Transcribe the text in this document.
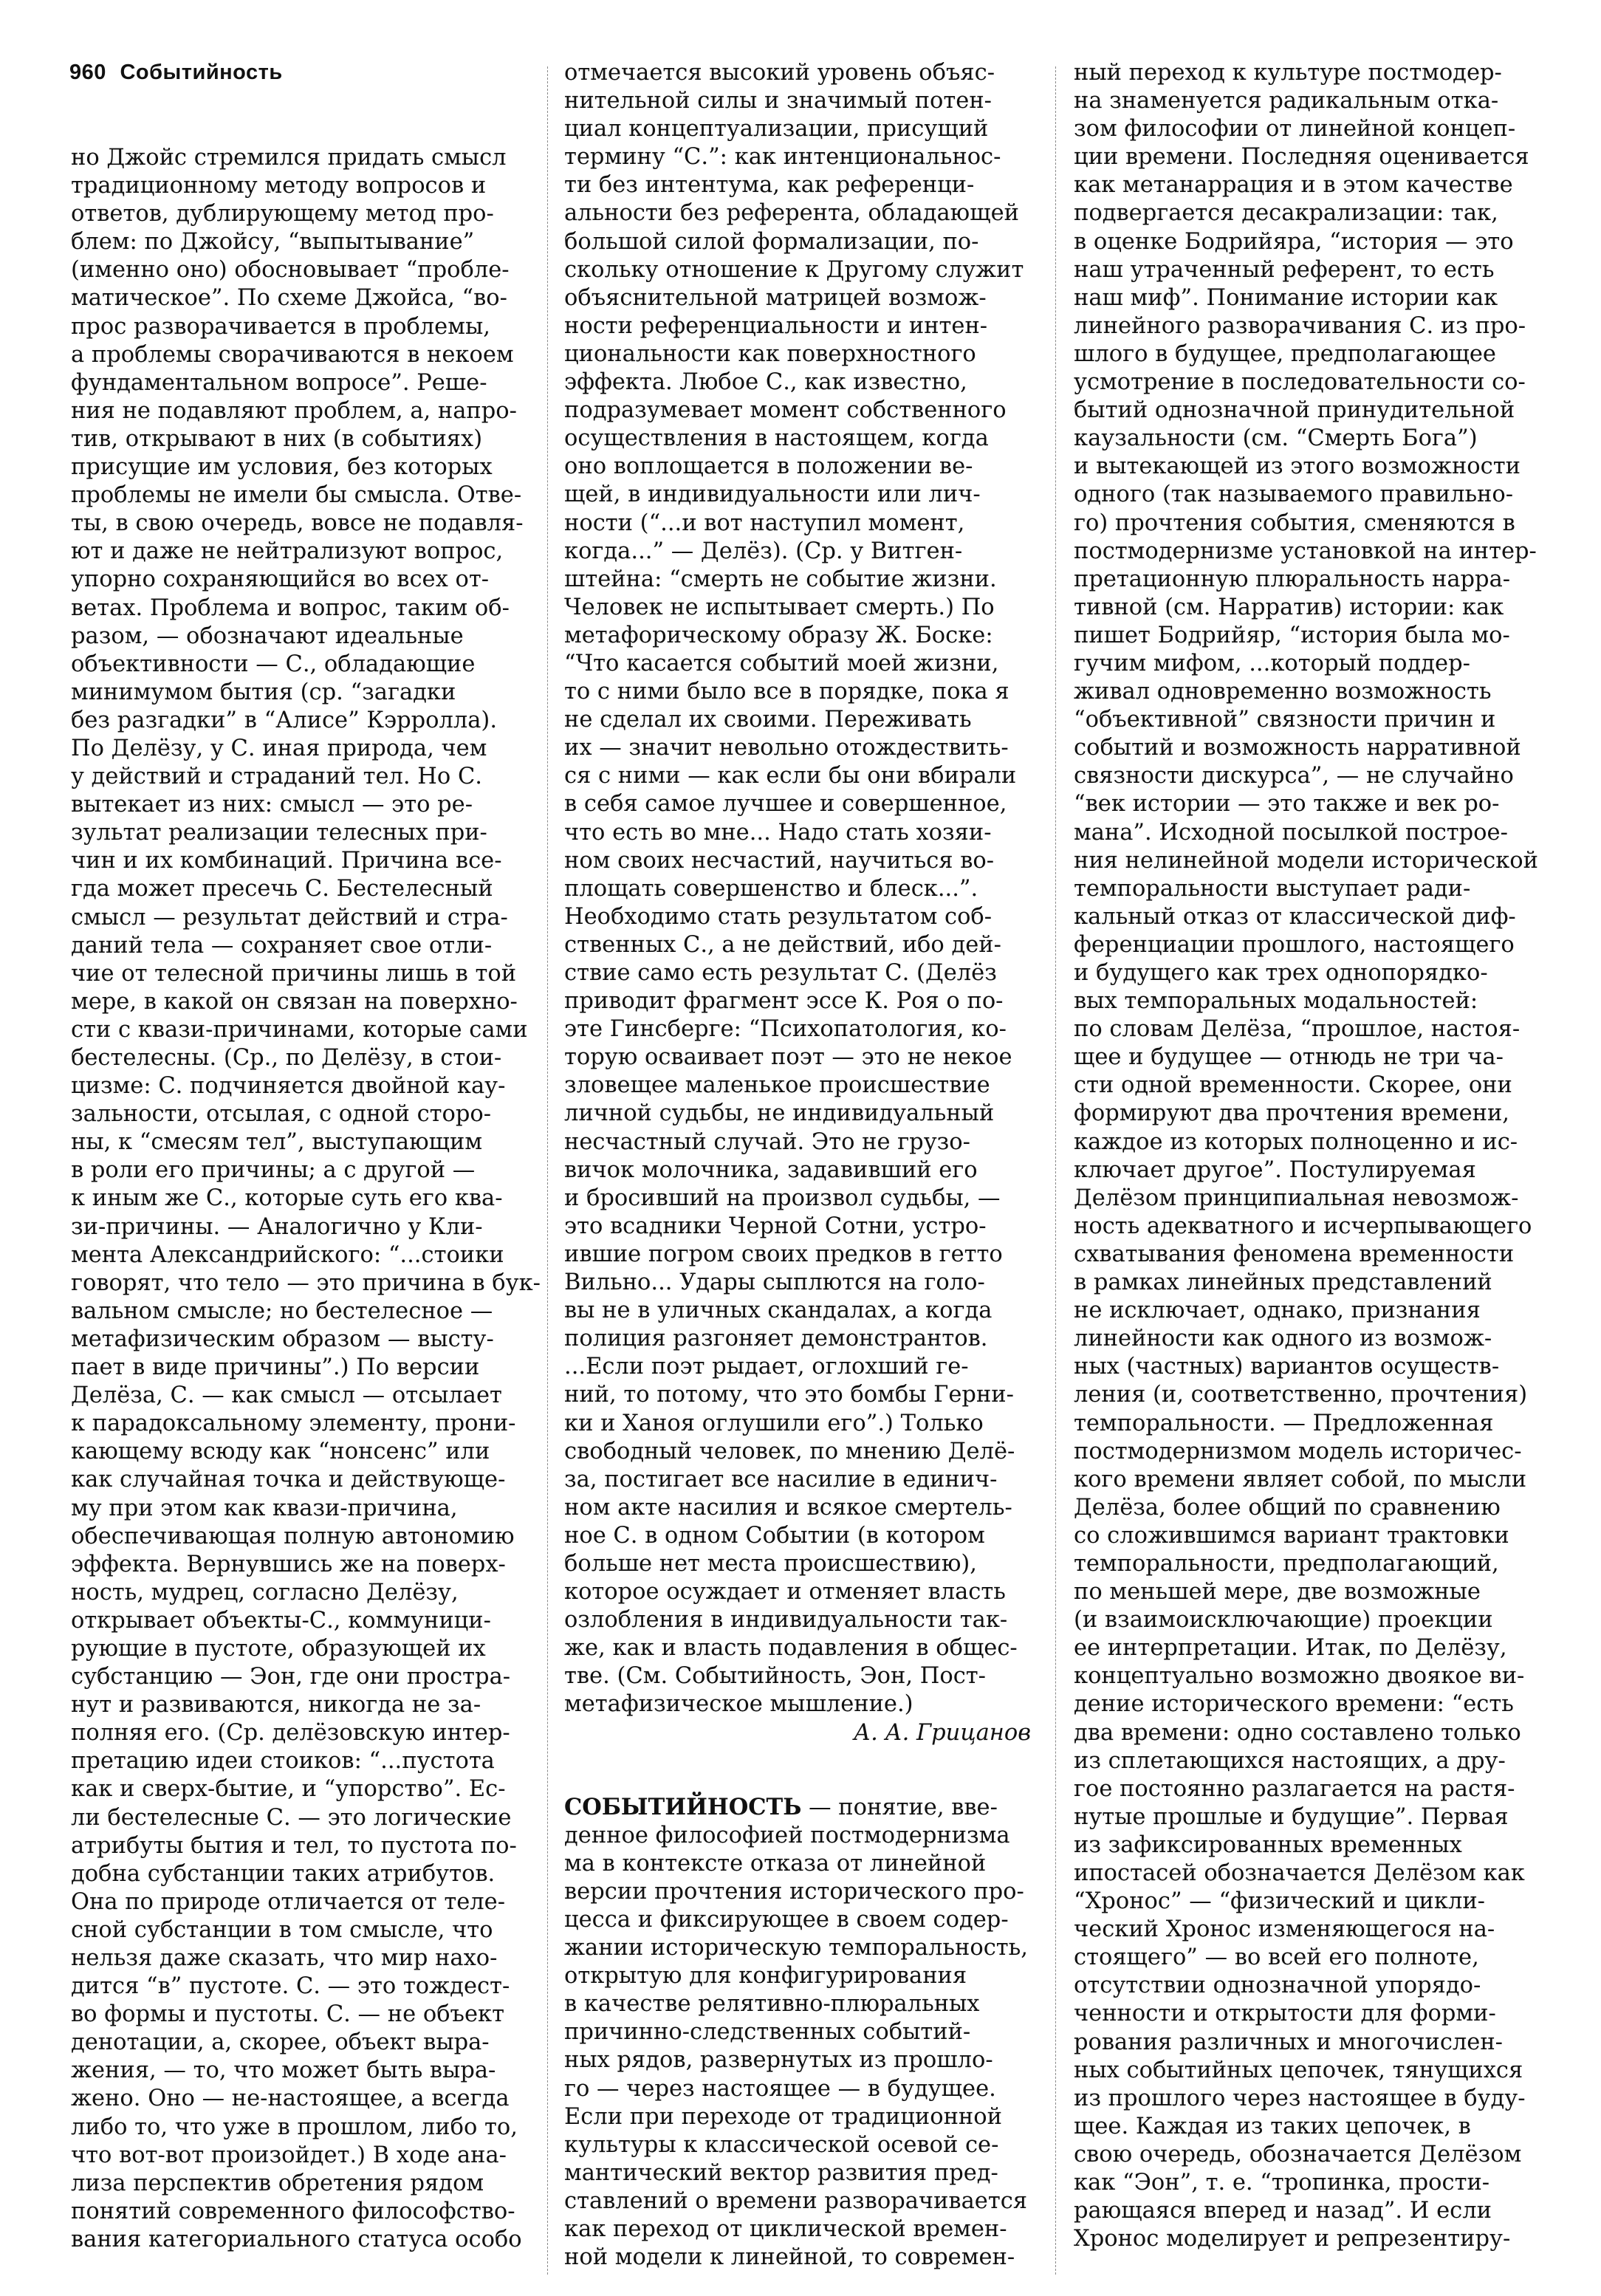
960 Событийность

но Джойс стремился придать смысл

традиционному методу вопросов и

ответов, дублирующему метод про-

блем: по Джойсу, “выпытывание”

(именно оно) обосновывает “пробле-

матическое”. По схеме Джойса, “во-

прос разворачивается в проблемы,

а проблемы сворачиваются в некоем

фундаментальном вопросе”. Реше-

ния не подавляют проблем, а, напро-

тив, открывают в них (в событиях)

присущие им условия, без которых

проблемы не имели бы смысла. Отве-

ты, в свою очередь, вовсе не подавля-

ют и даже не нейтрализуют вопрос,

упорно сохраняющийся во всех от-

ветах. Проблема и вопрос, таким об-

разом, — обозначают идеальные

объективности — С., обладающие

минимумом бытия (ср. “загадки

без разгадки” в “Алисе” Кэрролла).

По Делёзу, у С. иная природа, чем

у действий и страданий тел. Но С.

вытекает из них: смысл — это ре-

зультат реализации телесных при-

чин и их комбинаций. Причина все-

гда может пресечь С. Бестелесный

смысл — результат действий и стра-

даний тела — сохраняет свое отли-

чие от телесной причины лишь в той

мере, в какой он связан на поверхно-

сти с квази-причинами, которые сами

бестелесны. (Ср., по Делёзу, в стои-

цизме: С. подчиняется двойной кау-

зальности, отсылая, с одной сторо-

ны, к “смесям тел”, выступающим

в роли его причины; а с другой —

к иным же С., которые суть его ква-

зи-причины. — Аналогично у Кли-

мента Александрийского: “...стоики

говорят, что тело — это причина в бук-

вальном смысле; но бестелесное —

метафизическим образом — высту-

пает в виде причины”.) По версии

Делёза, С. — как смысл — отсылает

к парадоксальному элементу, прони-

кающему всюду как “нонсенс” или

как случайная точка и действующе-

му при этом как квази-причина,

обеспечивающая полную автономию

эффекта. Вернувшись же на поверх-

ность, мудрец, согласно Делёзу,

открывает объекты-С., коммуници-

рующие в пустоте, образующей их

субстанцию — Эон, где они простра-

нут и развиваются, никогда не за-

полняя его. (Ср. делёзовскую интер-

претацию идеи стоиков: “...пустота

как и сверх-бытие, и “упорство”. Ес-

ли бестелесные С. — это логические

атрибуты бытия и тел, то пустота по-

добна субстанции таких атрибутов.

Она по природе отличается от теле-

сной субстанции в том смысле, что

нельзя даже сказать, что мир нахо-

дится “в” пустоте. С. — это тождест-

во формы и пустоты. С. — не объект

денотации, а, скорее, объект выра-

жения, — то, что может быть выра-

жено. Оно — не-настоящее, а всегда

либо то, что уже в прошлом, либо то,

что вот-вот произойдет.) В ходе ана-

лиза перспектив обретения рядом

понятий современного философство-

вания категориального статуса особо

отмечается высокий уровень объяс-

нительной силы и значимый потен-

циал концептуализации, присущий

термину “С.”: как интенциональнос-

ти без интентума, как референци-

альности без референта, обладающей

большой силой формализации, по-

скольку отношение к Другому служит

объяснительной матрицей возмож-

ности референциальности и интен-

циональности как поверхностного

эффекта. Любое С., как известно,

подразумевает момент собственного

осуществления в настоящем, когда

оно воплощается в положении ве-

щей, в индивидуальности или лич-

ности (“...и вот наступил момент,

когда...” — Делёз). (Ср. у Витген-

штейна: “смерть не событие жизни.

Человек не испытывает смерть.) По

метафорическому образу Ж. Боске:

“Что касается событий моей жизни,

то с ними было все в порядке, пока я

не сделал их своими. Переживать

их — значит невольно отождествить-

ся с ними — как если бы они вбирали

в себя самое лучшее и совершенное,

что есть во мне... Надо стать хозяи-

ном своих несчастий, научиться во-

площать совершенство и блеск...”.

Необходимо стать результатом соб-

ственных С., а не действий, ибо дей-

ствие само есть результат С. (Делёз

приводит фрагмент эссе К. Роя о по-

эте Гинсберге: “Психопатология, ко-

торую осваивает поэт — это не некое

зловещее маленькое происшествие

личной судьбы, не индивидуальный

несчастный случай. Это не грузо-

вичок молочника, задавивший его

и бросивший на произвол судьбы, —

это всадники Черной Сотни, устро-

ившие погром своих предков в гетто

Вильно... Удары сыплются на голо-

вы не в уличных скандалах, а когда

полиция разгоняет демонстрантов.

...Если поэт рыдает, оглохший ге-

ний, то потому, что это бомбы Герни-

ки и Ханоя оглушили его”.) Только

свободный человек, по мнению Делё-

за, постигает все насилие в единич-

ном акте насилия и всякое смертель-

ное С. в одном Событии (в котором

больше нет места происшествию),

которое осуждает и отменяет власть

озлобления в индивидуальности так-

же, как и власть подавления в общес-

тве. (См. Событийность, Эон, Пост-

метафизическое мышление.)

А. А. Грицанов

СОБЫТИЙНОСТЬ — понятие, вве-

денное философией постмодернизма

ма в контексте отказа от линейной

версии прочтения исторического про-

цесса и фиксирующее в своем содер-

жании историческую темпоральность,

открытую для конфигурирования

в качестве релятивно-плюральных

причинно-следственных событий-

ных рядов, развернутых из прошло-

го — через настоящее — в будущее.

Если при переходе от традиционной

культуры к классической осевой се-

мантический вектор развития пред-

ставлений о времени разворачивается

как переход от циклической времен-

ной модели к линейной, то современ-

ный переход к культуре постмодер-

на знаменуется радикальным отка-

зом философии от линейной концеп-

ции времени. Последняя оценивается

как метанаррация и в этом качестве

подвергается десакрализации: так,

в оценке Бодрийяра, “история — это

наш утраченный референт, то есть

наш миф”. Понимание истории как

линейного разворачивания С. из про-

шлого в будущее, предполагающее

усмотрение в последовательности со-

бытий однозначной принудительной

каузальности (см. “Смерть Бога”)

и вытекающей из этого возможности

одного (так называемого правильно-

го) прочтения события, сменяются в

постмодернизме установкой на интер-

претационную плюральность нарра-

тивной (см. Нарратив) истории: как

пишет Бодрийяр, “история была мо-

гучим мифом, ...который поддер-

живал одновременно возможность

“объективной” связности причин и

событий и возможность нарративной

связности дискурса”, — не случайно

“век истории — это также и век ро-

мана”. Исходной посылкой построе-

ния нелинейной модели исторической

темпоральности выступает ради-

кальный отказ от классической диф-

ференциации прошлого, настоящего

и будущего как трех однопорядко-

вых темпоральных модальностей:

по словам Делёза, “прошлое, настоя-

щее и будущее — отнюдь не три ча-

сти одной временности. Скорее, они

формируют два прочтения времени,

каждое из которых полноценно и ис-

ключает другое”. Постулируемая

Делёзом принципиальная невозмож-

ность адекватного и исчерпывающего

схватывания феномена временности

в рамках линейных представлений

не исключает, однако, признания

линейности как одного из возмож-

ных (частных) вариантов осуществ-

ления (и, соответственно, прочтения)

темпоральности. — Предложенная

постмодернизмом модель историчес-

кого времени являет собой, по мысли

Делёза, более общий по сравнению

со сложившимся вариант трактовки

темпоральности, предполагающий,

по меньшей мере, две возможные

(и взаимоисключающие) проекции

ее интерпретации. Итак, по Делёзу,

концептуально возможно двоякое ви-

дение исторического времени: “есть

два времени: одно составлено только

из сплетающихся настоящих, а дру-

гое постоянно разлагается на растя-

нутые прошлые и будущие”. Первая

из зафиксированных временных

ипостасей обозначается Делёзом как

“Хронос” — “физический и цикли-

ческий Хронос изменяющегося на-

стоящего” — во всей его полноте,

отсутствии однозначной упорядо-

ченности и открытости для форми-

рования различных и многочислен-

ных событийных цепочек, тянущихся

из прошлого через настоящее в буду-

щее. Каждая из таких цепочек, в

свою очередь, обозначается Делёзом

как “Эон”, т. е. “тропинка, прости-

рающаяся вперед и назад”. И если

Хронос моделирует и репрезентиру-
